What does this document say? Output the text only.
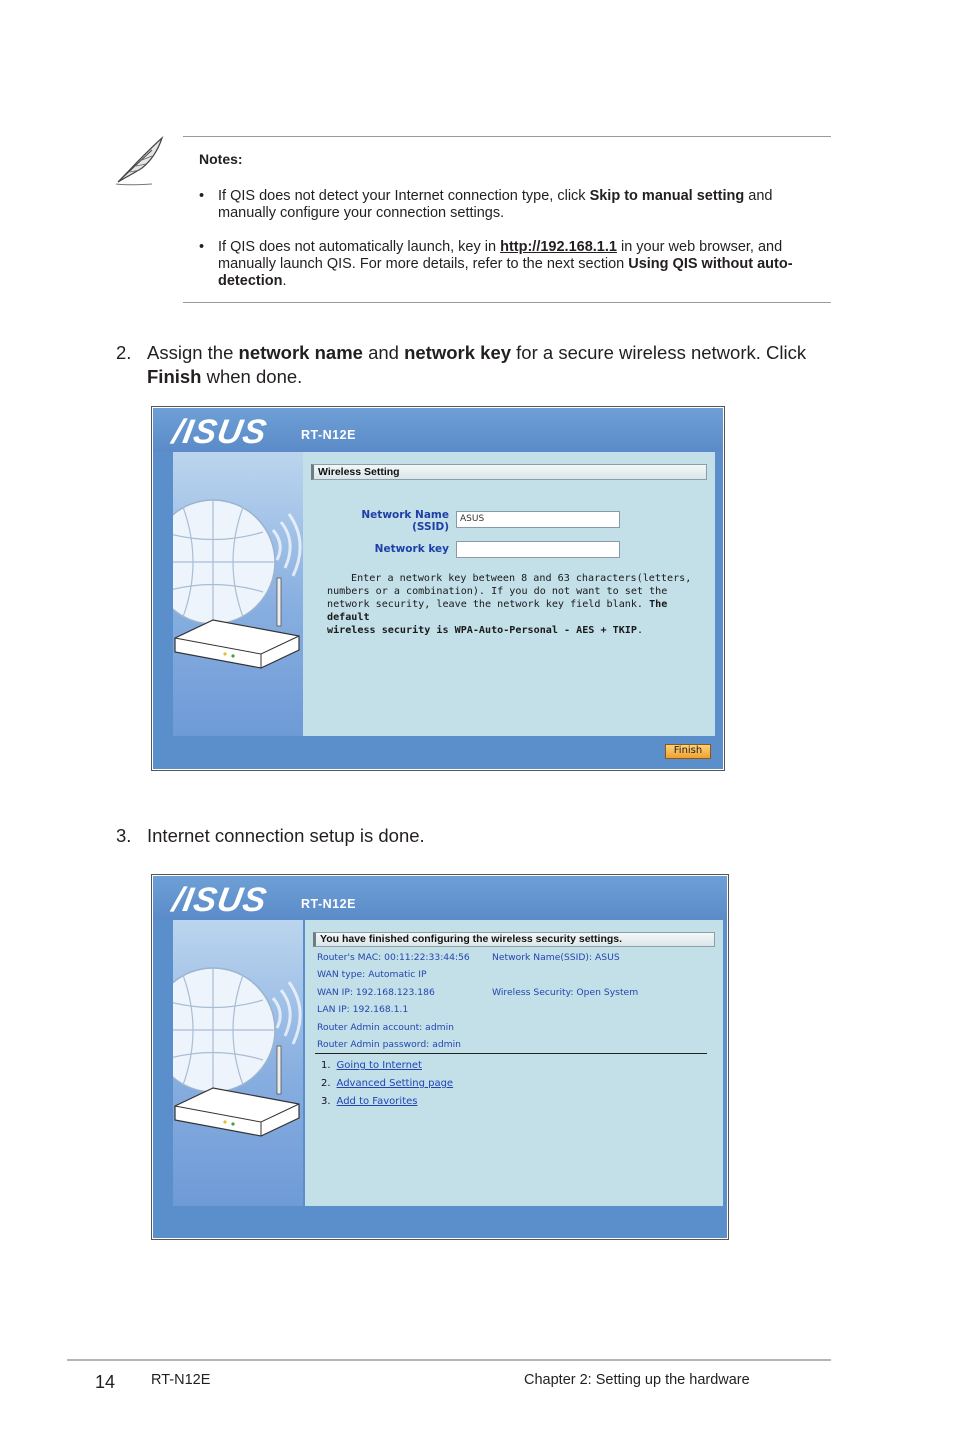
Notes:
• If QIS does not detect your Internet connection type, click Skip to manual setting and manually configure your connection settings.
• If QIS does not automatically launch, key in http://192.168.1.1 in your web browser, and manually launch QIS. For more details, refer to the next section Using QIS without auto-detection.
2. Assign the network name and network key for a secure wireless network. Click Finish when done.
/ISUS RT-N12E
Wireless Setting
Network Name
(SSID)
ASUS
Network key
Enter a network key between 8 and 63 characters(letters,
numbers or a combination). If you do not want to set the
network security, leave the network key field blank. The default
wireless security is WPA-Auto-Personal - AES + TKIP.
Finish
3. Internet connection setup is done.
/ISUS RT-N12E
You have finished configuring the wireless security settings.
Router's MAC: 00:11:22:33:44:56 Network Name(SSID): ASUS
WAN type: Automatic IP
WAN IP: 192.168.123.186	Wireless Security: Open System
LAN IP: 192.168.1.1
Router Admin account: admin
Router Admin password: admin
1. Going to Internet
2. Advanced Setting page
3. Add to Favorites
14 RT-N12E	Chapter 2: Setting up the hardware
